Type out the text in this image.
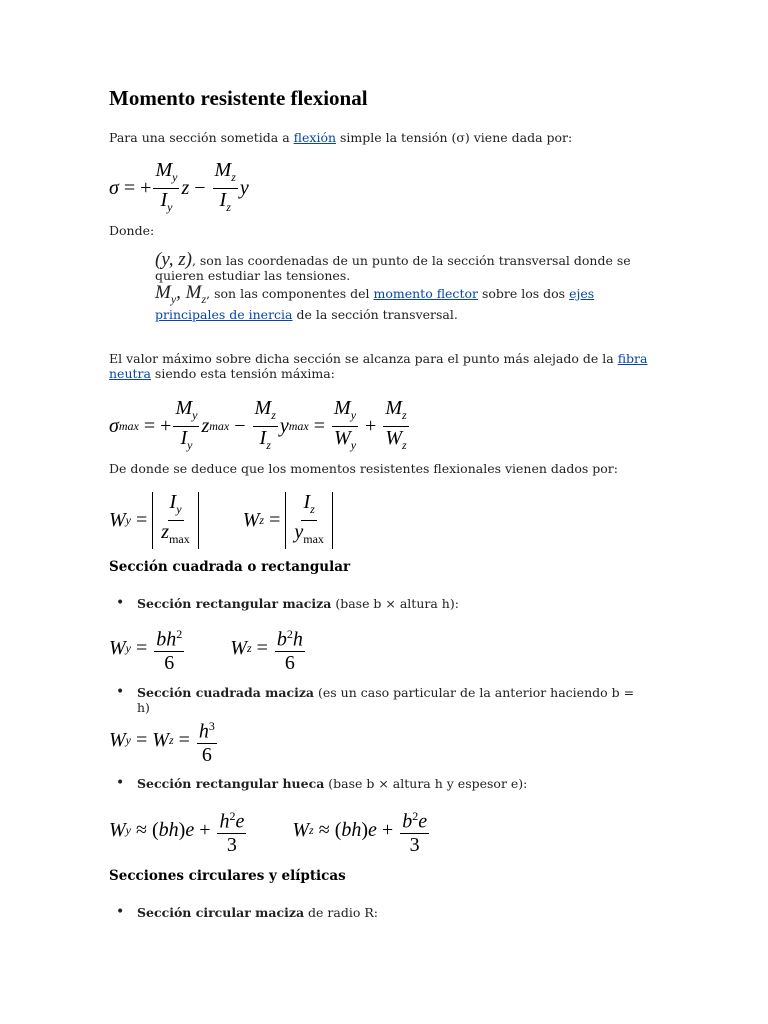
Momento resistente flexional

Para una sección sometida a flexión simple la tensión (σ) viene dada por:

σ = + $\frac{M_y}{I_y}$ $z - \frac{M_z}{I_z}$ y

Donde:

(y, z), son las coordenadas de un punto de la sección transversal donde se quieren estudiar las tensiones.
$M_y$, $M_z$, son las componentes del momento flector sobre los dos ejes principales de inercia de la sección transversal.

El valor máximo sobre dicha sección se alcanza para el punto más alejado de la fibra neutra siendo esta tensión máxima:

σ max = + $\frac{M_y}{I_y}$ z $\max - \frac{M_z}{I_z}$ y $\max = \frac{M_y}{W_y} + \frac{M_z}{W_z}$

De donde se deduce que los momentos resistentes flexionales vienen dados por:

W $y = \frac{I_y}{z_{max}}$	W $z = \frac{I_z}{y_{max}}$
Sección cuadrada o rectangular
• Sección rectangular maciza (base b × altura h):
W $y = \frac{bh^2}{6}$ W $z = \frac{b^2h}{6}$
• Sección cuadrada maciza (es un caso particular de la anterior haciendo b = h)
W y = W $z = \frac{h^3}{6}$
• Sección rectangular hueca (base b × altura h y espesor e):
W y ≈ ( bh ) $e + \frac{h^2e}{3}$ W z ≈ ( bh ) $e + \frac{b^2e}{3}$
Secciones circulares y elípticas
• Sección circular maciza de radio R:
